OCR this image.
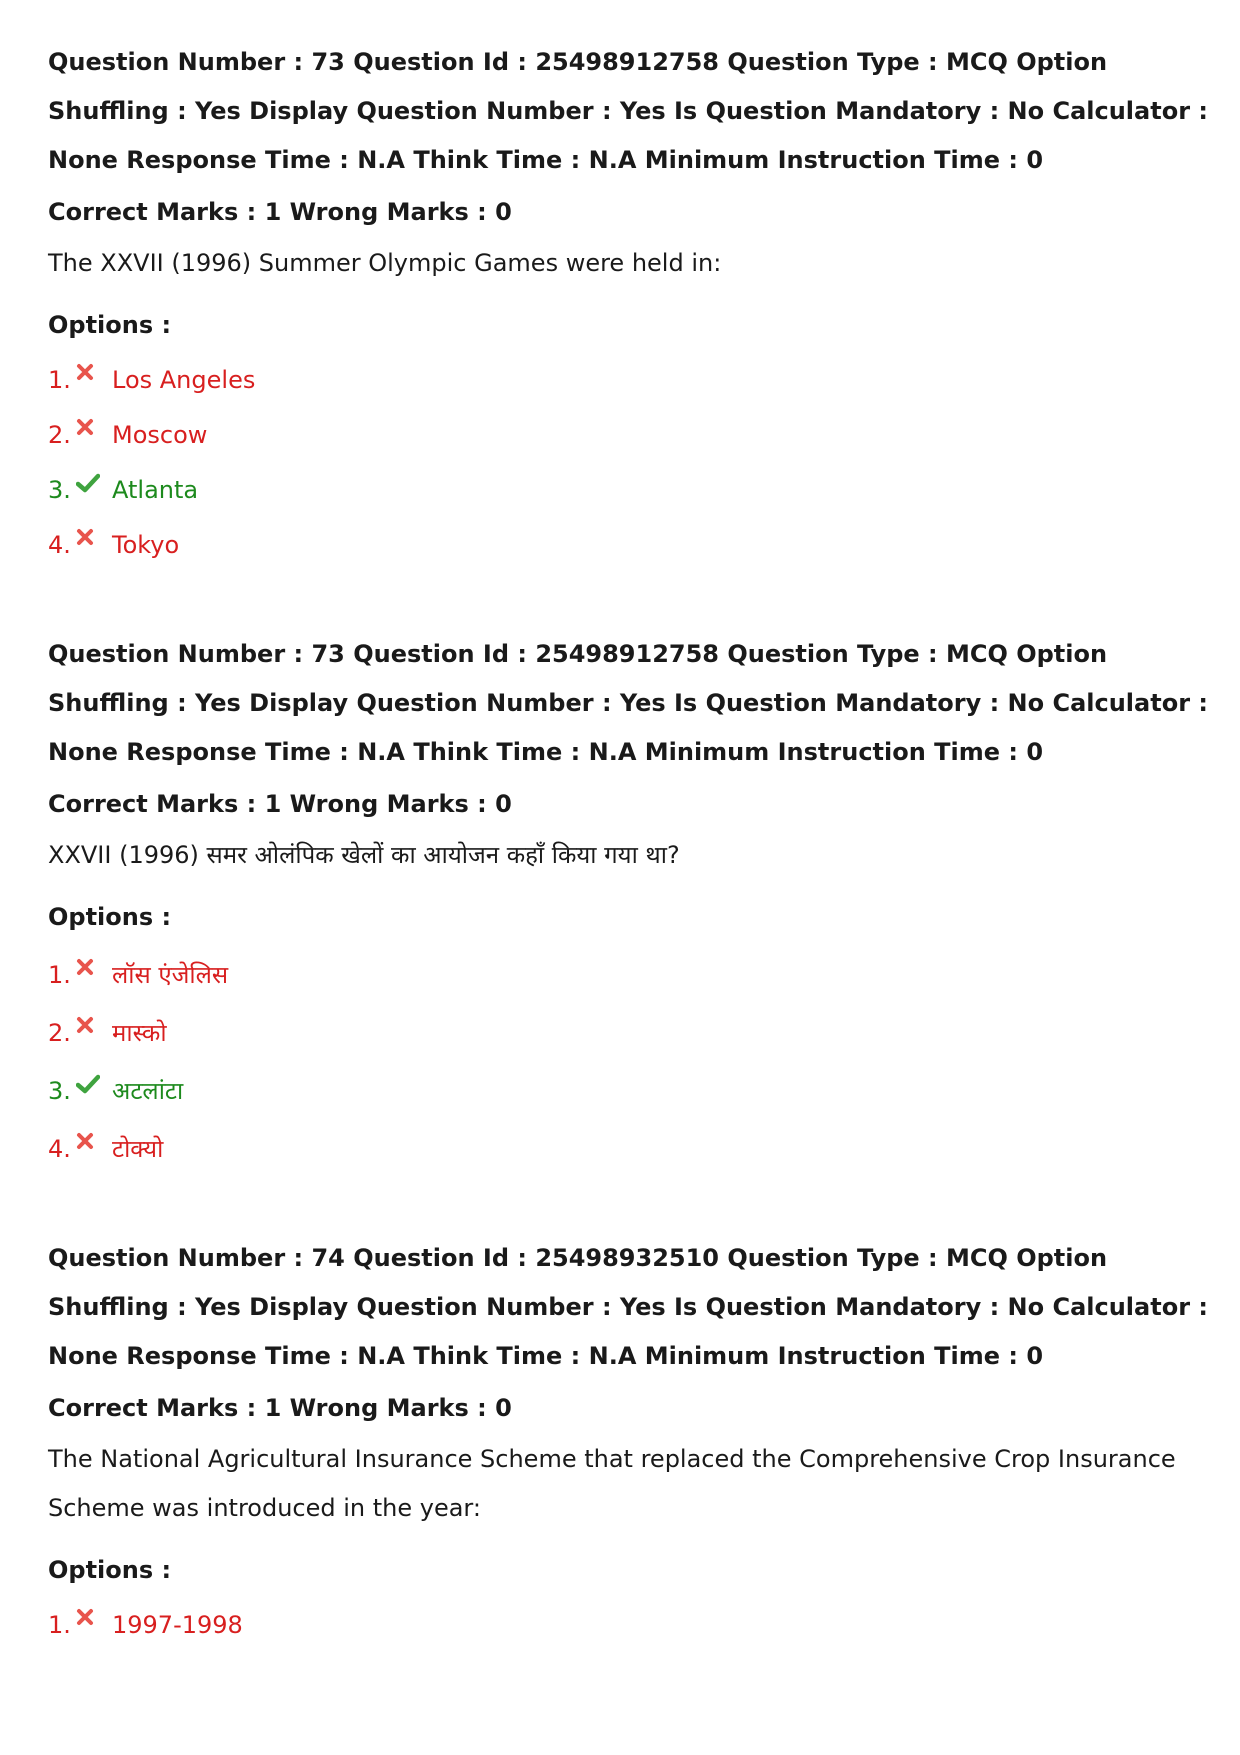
Question Number : 73 Question Id : 25498912758 Question Type : MCQ Option Shuffling : Yes Display Question Number : Yes Is Question Mandatory : No Calculator : None Response Time : N.A Think Time : N.A Minimum Instruction Time : 0

Correct Marks : 1 Wrong Marks : 0

The XXVII (1996) Summer Olympic Games were held in:

Options :

1. Los Angeles
2. Moscow
3. Atlanta
4. Tokyo

Question Number : 73 Question Id : 25498912758 Question Type : MCQ Option Shuffling : Yes Display Question Number : Yes Is Question Mandatory : No Calculator : None Response Time : N.A Think Time : N.A Minimum Instruction Time : 0

Correct Marks : 1 Wrong Marks : 0

XXVII (1996) समर ओलंपिक खेलों का आयोजन कहाँ किया गया था?

Options :

1. लॉस एंजेलिस
2. मास्को
3. अटलांटा
4. टोक्यो

Question Number : 74 Question Id : 25498932510 Question Type : MCQ Option Shuffling : Yes Display Question Number : Yes Is Question Mandatory : No Calculator : None Response Time : N.A Think Time : N.A Minimum Instruction Time : 0

Correct Marks : 1 Wrong Marks : 0

The National Agricultural Insurance Scheme that replaced the Comprehensive Crop Insurance Scheme was introduced in the year:

Options :

1. 1997-1998
